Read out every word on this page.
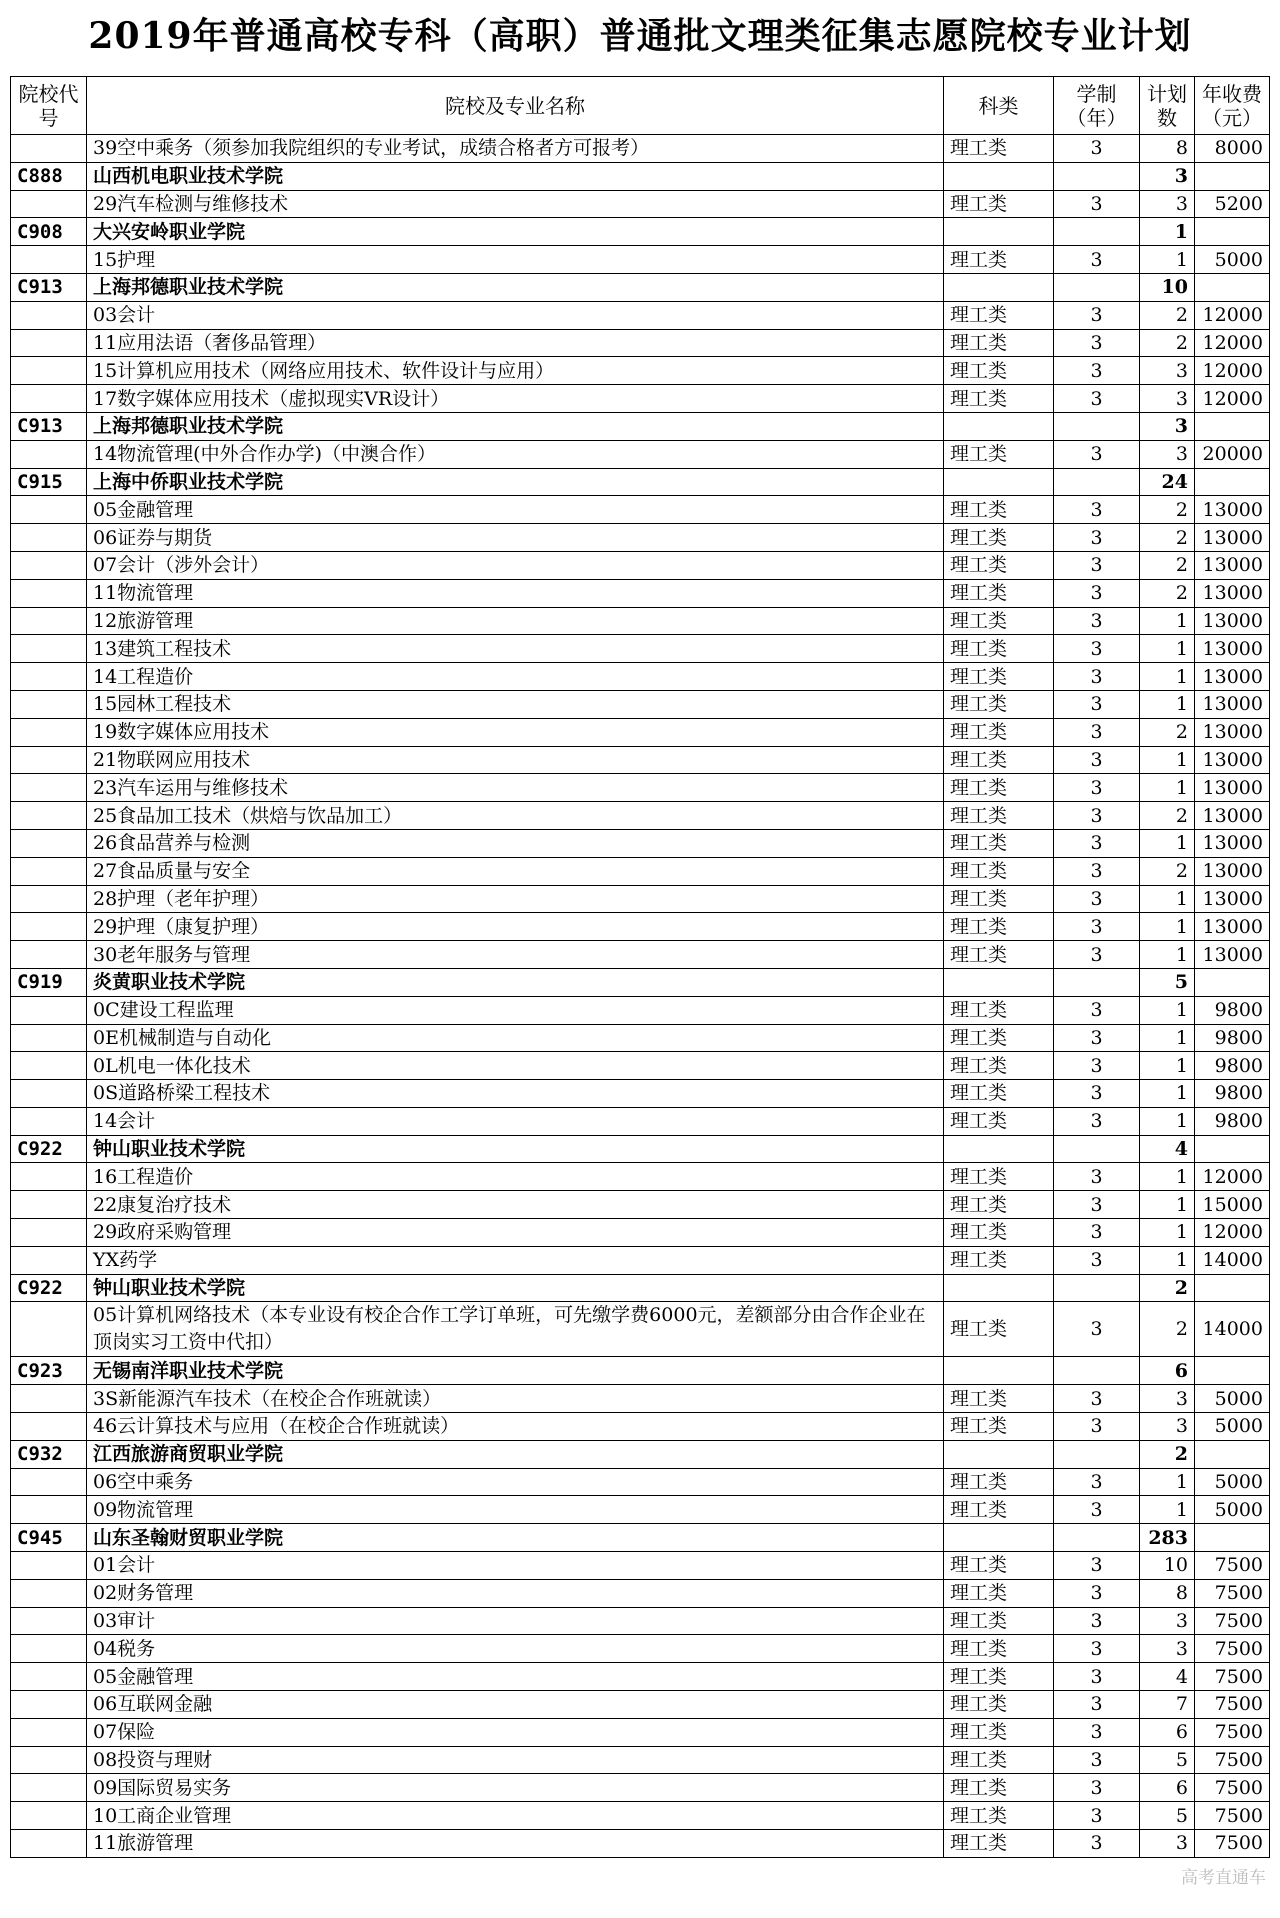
2019年普通高校专科（高职）普通批文理类征集志愿院校专业计划
院校代号	院校及专业名称	科类	学制（年）	计划数	年收费（元）
	39空中乘务（须参加我院组织的专业考试，成绩合格者方可报考）	理工类	3	8	8000
C888	山西机电职业技术学院			3	
	29汽车检测与维修技术	理工类	3	3	5200
C908	大兴安岭职业学院			1	
	15护理	理工类	3	1	5000
C913	上海邦德职业技术学院			10	
	03会计	理工类	3	2	12000
	11应用法语（奢侈品管理）	理工类	3	2	12000
	15计算机应用技术（网络应用技术、软件设计与应用）	理工类	3	3	12000
	17数字媒体应用技术（虚拟现实VR设计）	理工类	3	3	12000
C913	上海邦德职业技术学院			3	
	14物流管理(中外合作办学)（中澳合作）	理工类	3	3	20000
C915	上海中侨职业技术学院			24	
	05金融管理	理工类	3	2	13000
	06证券与期货	理工类	3	2	13000
	07会计（涉外会计）	理工类	3	2	13000
	11物流管理	理工类	3	2	13000
	12旅游管理	理工类	3	1	13000
	13建筑工程技术	理工类	3	1	13000
	14工程造价	理工类	3	1	13000
	15园林工程技术	理工类	3	1	13000
	19数字媒体应用技术	理工类	3	2	13000
	21物联网应用技术	理工类	3	1	13000
	23汽车运用与维修技术	理工类	3	1	13000
	25食品加工技术（烘焙与饮品加工）	理工类	3	2	13000
	26食品营养与检测	理工类	3	1	13000
	27食品质量与安全	理工类	3	2	13000
	28护理（老年护理）	理工类	3	1	13000
	29护理（康复护理）	理工类	3	1	13000
	30老年服务与管理	理工类	3	1	13000
C919	炎黄职业技术学院			5	
	0C建设工程监理	理工类	3	1	9800
	0E机械制造与自动化	理工类	3	1	9800
	0L机电一体化技术	理工类	3	1	9800
	0S道路桥梁工程技术	理工类	3	1	9800
	14会计	理工类	3	1	9800
C922	钟山职业技术学院			4	
	16工程造价	理工类	3	1	12000
	22康复治疗技术	理工类	3	1	15000
	29政府采购管理	理工类	3	1	12000
	YX药学	理工类	3	1	14000
C922	钟山职业技术学院			2	
	05计算机网络技术（本专业设有校企合作工学订单班，可先缴学费6000元，差额部分由合作企业在顶岗实习工资中代扣）	理工类	3	2	14000
C923	无锡南洋职业技术学院			6	
	3S新能源汽车技术（在校企合作班就读）	理工类	3	3	5000
	46云计算技术与应用（在校企合作班就读）	理工类	3	3	5000
C932	江西旅游商贸职业学院			2	
	06空中乘务	理工类	3	1	5000
	09物流管理	理工类	3	1	5000
C945	山东圣翰财贸职业学院			283	
	01会计	理工类	3	10	7500
	02财务管理	理工类	3	8	7500
	03审计	理工类	3	3	7500
	04税务	理工类	3	3	7500
	05金融管理	理工类	3	4	7500
	06互联网金融	理工类	3	7	7500
	07保险	理工类	3	6	7500
	08投资与理财	理工类	3	5	7500
	09国际贸易实务	理工类	3	6	7500
	10工商企业管理	理工类	3	5	7500
	11旅游管理	理工类	3	3	7500
高考直通车
